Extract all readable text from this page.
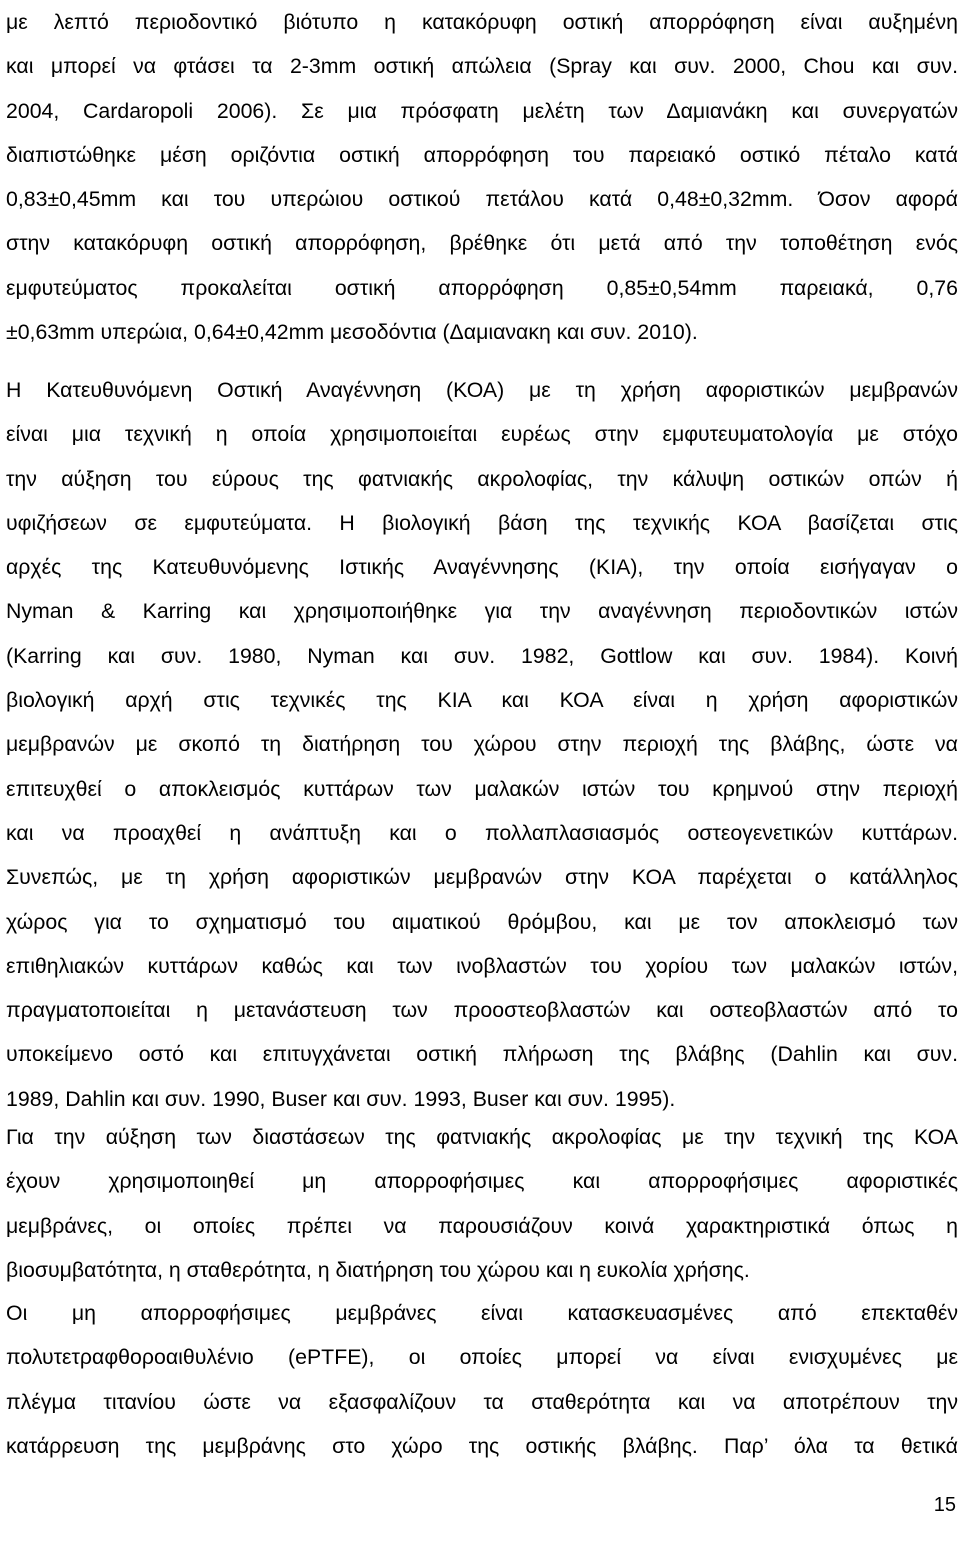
με λεπτό περιοδοντικό βιότυπο η κατακόρυφη οστική απορρόφηση είναι αυξημένη
και μπορεί να φτάσει τα 2-3mm οστική απώλεια (Spray και συν. 2000, Chou και συν.
2004, Cardaropoli 2006). Σε μια πρόσφατη μελέτη των Δαμιανάκη και συνεργατών
διαπιστώθηκε μέση οριζόντια οστική απορρόφηση του παρειακό οστικό πέταλο κατά
0,83±0,45mm και του υπερώιου οστικού πετάλου κατά 0,48±0,32mm. Όσον αφορά
στην κατακόρυφη οστική απορρόφηση, βρέθηκε ότι μετά από την τοποθέτηση ενός
εμφυτεύματος προκαλείται οστική απορρόφηση 0,85±0,54mm παρειακά, 0,76
±0,63mm υπερώια, 0,64±0,42mm μεσοδόντια (Δαμιανακη και συν. 2010).
Η Κατευθυνόμενη Οστική Αναγέννηση (ΚΟΑ) με τη χρήση αφοριστικών μεμβρανών
είναι μια τεχνική η οποία χρησιμοποιείται ευρέως στην εμφυτευματολογία με στόχο
την αύξηση του εύρους της φατνιακής ακρολοφίας, την κάλυψη οστικών οπών ή
υφιζήσεων σε εμφυτεύματα. Η βιολογική βάση της τεχνικής ΚΟΑ βασίζεται στις
αρχές της Κατευθυνόμενης Ιστικής Αναγέννησης (ΚΙΑ), την οποία εισήγαγαν ο
Nyman & Karring και χρησιμοποιήθηκε για την αναγέννηση περιοδοντικών ιστών
(Karring και συν. 1980, Nyman και συν. 1982, Gottlow και συν. 1984). Κοινή
βιολογική αρχή στις τεχνικές της ΚΙΑ και ΚΟΑ είναι η χρήση αφοριστικών
μεμβρανών με σκοπό τη διατήρηση του χώρου στην περιοχή της βλάβης, ώστε να
επιτευχθεί ο αποκλεισμός κυττάρων των μαλακών ιστών του κρημνού στην περιοχή
και να προαχθεί η ανάπτυξη και ο πολλαπλασιασμός οστεογενετικών κυττάρων.
Συνεπώς, με τη χρήση αφοριστικών μεμβρανών στην ΚΟΑ παρέχεται ο κατάλληλος
χώρος για το σχηματισμό του αιματικού θρόμβου, και με τον αποκλεισμό των
επιθηλιακών κυττάρων καθώς και των ινοβλαστών του χορίου των μαλακών ιστών,
πραγματοποιείται η μετανάστευση των προοστεοβλαστών και οστεοβλαστών από το
υποκείμενο οστό και επιτυγχάνεται οστική πλήρωση της βλάβης (Dahlin και συν.
1989, Dahlin και συν. 1990, Buser και συν. 1993, Buser και συν. 1995).
Για την αύξηση των διαστάσεων της φατνιακής ακρολοφίας με την τεχνική της ΚΟΑ
έχουν χρησιμοποιηθεί μη απορροφήσιμες και απορροφήσιμες αφοριστικές
μεμβράνες, οι οποίες πρέπει να παρουσιάζουν κοινά χαρακτηριστικά όπως η
βιοσυμβατότητα, η σταθερότητα, η διατήρηση του χώρου και η ευκολία χρήσης.
Οι μη απορροφήσιμες μεμβράνες είναι κατασκευασμένες από επεκταθέν
πολυτετραφθοροαιθυλένιο (ePTFE), οι οποίες μπορεί να είναι ενισχυμένες με
πλέγμα τιτανίου ώστε να εξασφαλίζουν τα σταθερότητα και να αποτρέπουν την
κατάρρευση της μεμβράνης στο χώρο της οστικής βλάβης. Παρ’ όλα τα θετικά
15
